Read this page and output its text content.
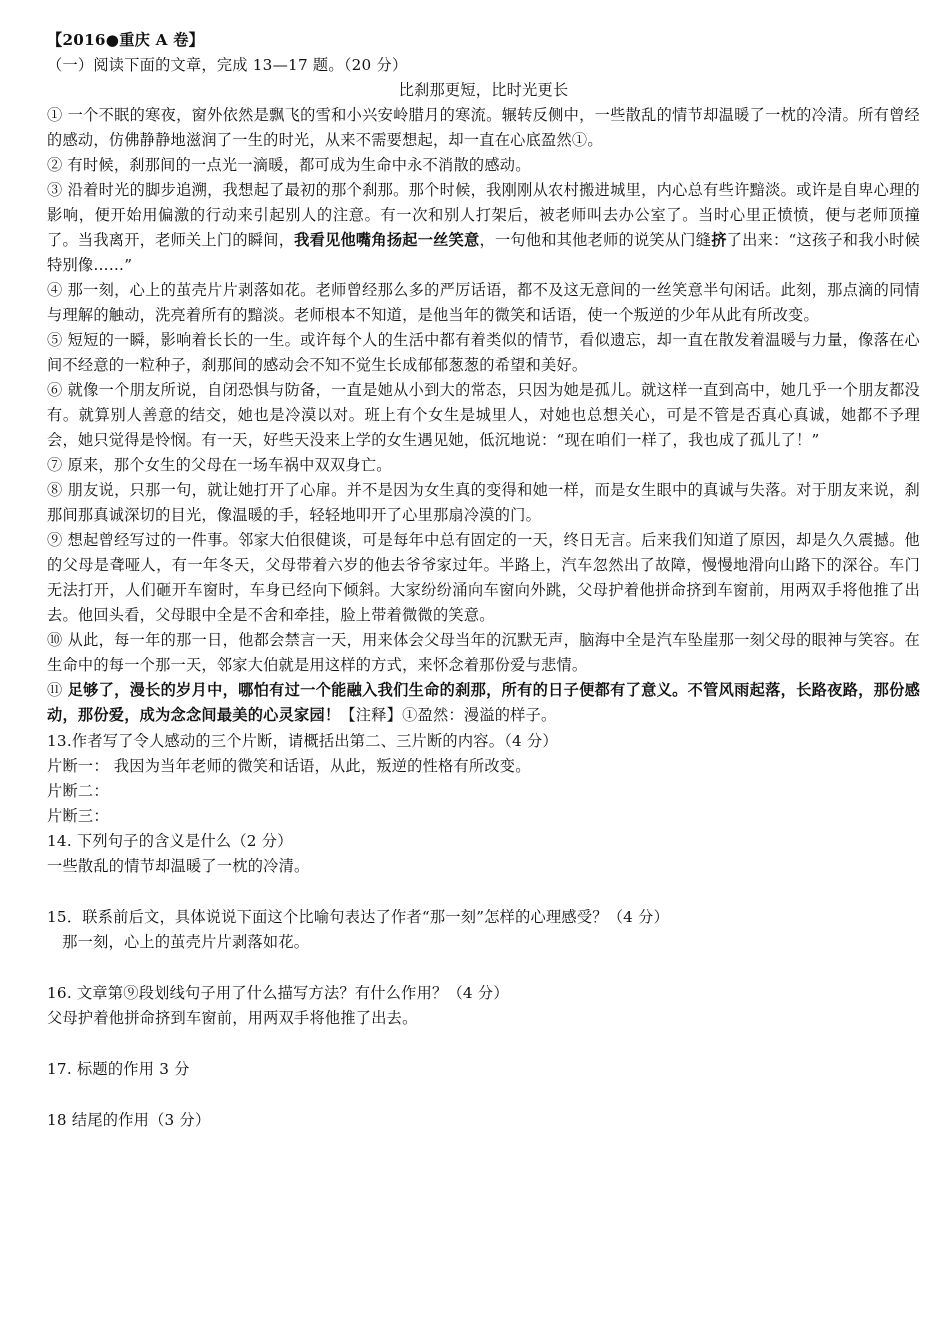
【2016●重庆 A 卷】
（一）阅读下面的文章，完成 13—17 题。（20 分）
比刹那更短，比时光更长
① 一个不眠的寒夜，窗外依然是飘飞的雪和小兴安岭腊月的寒流。辗转反侧中，一些散乱的情节却温暖了一枕的冷清。所有曾经的感动，仿佛静静地滋润了一生的时光，从来不需要想起，却一直在心底盈然①。
② 有时候，刹那间的一点光一滴暖，都可成为生命中永不消散的感动。
③ 沿着时光的脚步追溯，我想起了最初的那个刹那。那个时候，我刚刚从农村搬进城里，内心总有些许黯淡。或许是自卑心理的影响，便开始用偏激的行动来引起别人的注意。有一次和别人打架后，被老师叫去办公室了。当时心里正愤愤，便与老师顶撞了。当我离开，老师关上门的瞬间，我看见他嘴角扬起一丝笑意，一句他和其他老师的说笑从门缝挤了出来：“这孩子和我小时候特别像……”
④ 那一刻，心上的茧壳片片剥落如花。老师曾经那么多的严厉话语，都不及这无意间的一丝笑意半句闲话。此刻，那点滴的同情与理解的触动，洗亮着所有的黯淡。老师根本不知道，是他当年的微笑和话语，使一个叛逆的少年从此有所改变。
⑤ 短短的一瞬，影响着长长的一生。或许每个人的生活中都有着类似的情节，看似遗忘，却一直在散发着温暖与力量，像落在心间不经意的一粒种子，刹那间的感动会不知不觉生长成郁郁葱葱的希望和美好。
⑥ 就像一个朋友所说，自闭恐惧与防备，一直是她从小到大的常态，只因为她是孤儿。就这样一直到高中，她几乎一个朋友都没有。就算别人善意的结交，她也是冷漠以对。班上有个女生是城里人，对她也总想关心，可是不管是否真心真诚，她都不予理会，她只觉得是怜悯。有一天，好些天没来上学的女生遇见她，低沉地说：“现在咱们一样了，我也成了孤儿了！”
⑦ 原来，那个女生的父母在一场车祸中双双身亡。
⑧ 朋友说，只那一句，就让她打开了心扉。并不是因为女生真的变得和她一样，而是女生眼中的真诚与失落。对于朋友来说，刹那间那真诚深切的目光，像温暖的手，轻轻地叩开了心里那扇冷漠的门。
⑨ 想起曾经写过的一件事。邻家大伯很健谈，可是每年中总有固定的一天，终日无言。后来我们知道了原因，却是久久震撼。他的父母是聋哑人，有一年冬天，父母带着六岁的他去爷爷家过年。半路上，汽车忽然出了故障，慢慢地滑向山路下的深谷。车门无法打开，人们砸开车窗时，车身已经向下倾斜。大家纷纷涌向车窗向外跳，父母护着他拼命挤到车窗前，用两双手将他推了出去。他回头看，父母眼中全是不舍和牵挂，脸上带着微微的笑意。
⑩ 从此，每一年的那一日，他都会禁言一天，用来体会父母当年的沉默无声，脑海中全是汽车坠崖那一刻父母的眼神与笑容。在生命中的每一个那一天，邻家大伯就是用这样的方式，来怀念着那份爱与悲情。
⑪ 足够了，漫长的岁月中，哪怕有过一个能融入我们生命的刹那，所有的日子便都有了意义。不管风雨起落，长路夜路，那份感动，那份爱，成为念念间最美的心灵家园！【注释】①盈然：漫溢的样子。
13.作者写了令人感动的三个片断，请概括出第二、三片断的内容。（4 分）
片断一： 我因为当年老师的微笑和话语，从此，叛逆的性格有所改变。
片断二：
片断三：
14. 下列句子的含义是什么（2 分）
一些散乱的情节却温暖了一枕的冷清。
15．联系前后文，具体说说下面这个比喻句表达了作者“那一刻”怎样的心理感受？（4 分）
那一刻，心上的茧壳片片剥落如花。
16. 文章第⑨段划线句子用了什么描写方法？有什么作用？（4 分）
父母护着他拼命挤到车窗前，用两双手将他推了出去。
17. 标题的作用 3 分
18 结尾的作用（3 分）
